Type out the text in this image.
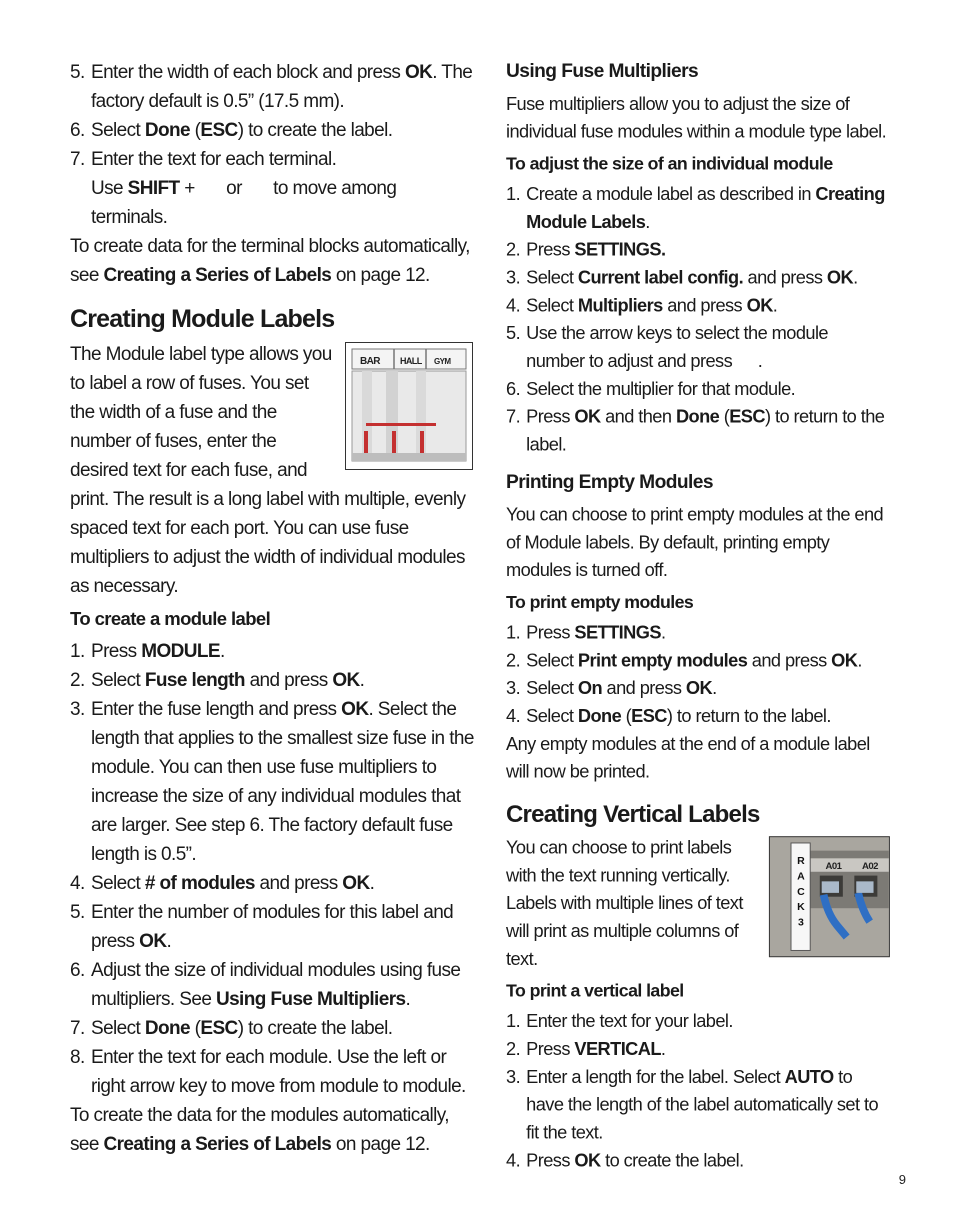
5. Enter the width of each block and press OK. The factory default is 0.5” (17.5 mm).
6. Select Done (ESC) to create the label.
7. Enter the text for each terminal.
Use SHIFT +  or  to move among terminals.

To create data for the terminal blocks automatically, see Creating a Series of Labels on page 12.

Creating Module Labels
BAR HALL GYM

The Module label type allows you to label a row of fuses. You set the width of a fuse and the number of fuses, enter the desired text for each fuse, and print. The result is a long label with multiple, evenly spaced text for each port. You can use fuse multipliers to adjust the width of individual modules as necessary.

To create a module label
1. Press MODULE.
2. Select Fuse length and press OK.
3. Enter the fuse length and press OK. Select the length that applies to the smallest size fuse in the module. You can then use fuse multipliers to increase the size of any individual modules that are larger. See step 6. The factory default fuse length is 0.5”.
4. Select # of modules and press OK.
5. Enter the number of modules for this label and press OK.
6. Adjust the size of individual modules using fuse multipliers. See Using Fuse Multipliers.
7. Select Done (ESC) to create the label.
8. Enter the text for each module. Use the left or right arrow key to move from module to module.

To create the data for the modules automatically, see Creating a Series of Labels on page 12.

Using Fuse Multipliers

Fuse multipliers allow you to adjust the size of individual fuse modules within a module type label.

To adjust the size of an individual module
1. Create a module label as described in Creating Module Labels.
2. Press SETTINGS.
3. Select Current label config. and press OK.
4. Select Multipliers and press OK.
5. Use the arrow keys to select the module number to adjust and press .
6. Select the multiplier for that module.
7. Press OK and then Done (ESC) to return to the label.
Printing Empty Modules

You can choose to print empty modules at the end of Module labels. By default, printing empty modules is turned off.

To print empty modules
1. Press SETTINGS.
2. Select Print empty modules and press OK.
3. Select On and press OK.
4. Select Done (ESC) to return to the label.

Any empty modules at the end of a module label will now be printed.

Creating Vertical Labels
A01 A02
R
A
C
K
3

You can choose to print labels with the text running vertically. Labels with multiple lines of text will print as multiple columns of text.

To print a vertical label
1. Enter the text for your label.
2. Press VERTICAL.
3. Enter a length for the label. Select AUTO to have the length of the label automatically set to fit the text.
4. Press OK to create the label.
9
